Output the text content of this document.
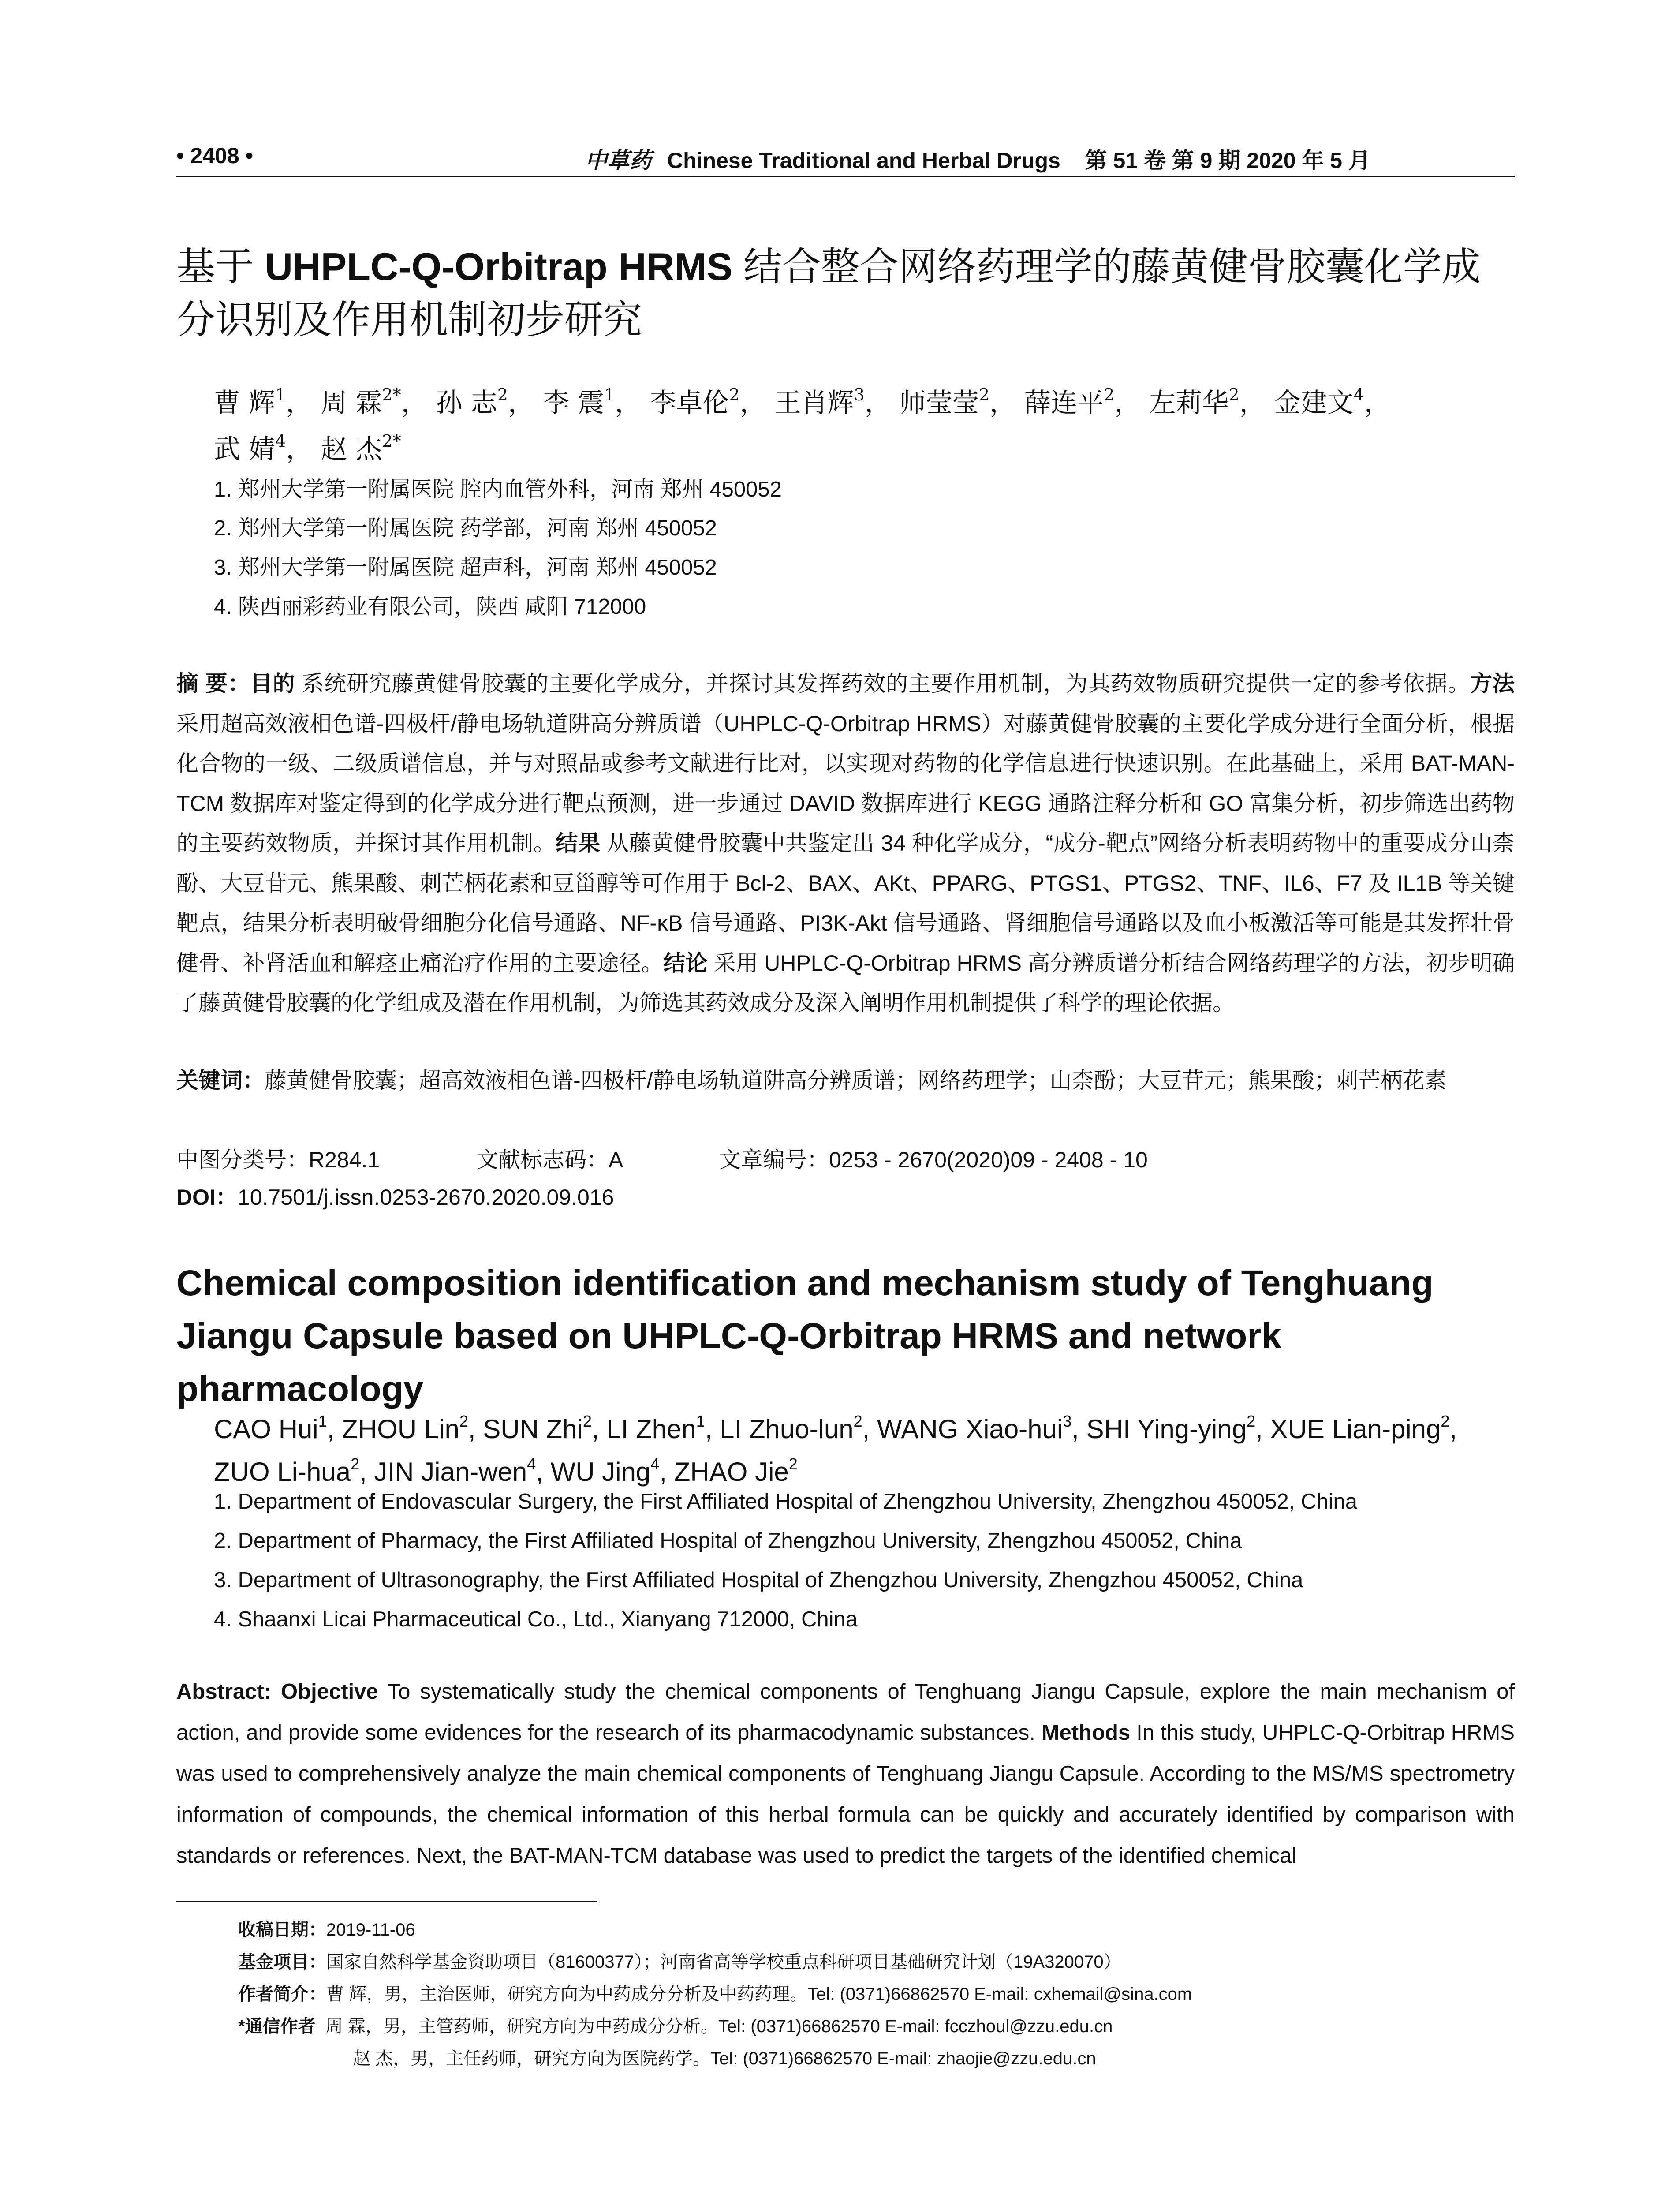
• 2408 •	中草药 Chinese Traditional and Herbal Drugs 第 51 卷 第 9 期 2020 年 5 月
基于 UHPLC-Q-Orbitrap HRMS 结合整合网络药理学的藤黄健骨胶囊化学成分识别及作用机制初步研究
曹 辉$^1$， 周 霖$^{2*}$， 孙 志$^2$， 李 震$^1$， 李卓伦$^2$， 王肖辉$^3$， 师莹莹$^2$， 薛连平$^2$， 左莉华$^2$， 金建文$^4$，
武 婧$^4$， 赵 杰$^{2*}$
1. 郑州大学第一附属医院 腔内血管外科，河南 郑州 450052
2. 郑州大学第一附属医院 药学部，河南 郑州 450052
3. 郑州大学第一附属医院 超声科，河南 郑州 450052
4. 陕西丽彩药业有限公司，陕西 咸阳 712000
摘 要：目的 系统研究藤黄健骨胶囊的主要化学成分，并探讨其发挥药效的主要作用机制，为其药效物质研究提供一定的参考依据。方法 采用超高效液相色谱-四极杆/静电场轨道阱高分辨质谱（UHPLC-Q-Orbitrap HRMS）对藤黄健骨胶囊的主要化学成分进行全面分析，根据化合物的一级、二级质谱信息，并与对照品或参考文献进行比对，以实现对药物的化学信息进行快速识别。在此基础上，采用 BAT-MAN-TCM 数据库对鉴定得到的化学成分进行靶点预测，进一步通过 DAVID 数据库进行 KEGG 通路注释分析和 GO 富集分析，初步筛选出药物的主要药效物质，并探讨其作用机制。结果 从藤黄健骨胶囊中共鉴定出 34 种化学成分，“成分-靶点”网络分析表明药物中的重要成分山柰酚、大豆苷元、熊果酸、刺芒柄花素和豆甾醇等可作用于 Bcl-2、BAX、AKt、PPARG、PTGS1、PTGS2、TNF、IL6、F7 及 IL1B 等关键靶点，结果分析表明破骨细胞分化信号通路、NF-κB 信号通路、PI3K-Akt 信号通路、肾细胞信号通路以及血小板激活等可能是其发挥壮骨健骨、补肾活血和解痉止痛治疗作用的主要途径。结论 采用 UHPLC-Q-Orbitrap HRMS 高分辨质谱分析结合网络药理学的方法，初步明确了藤黄健骨胶囊的化学组成及潜在作用机制，为筛选其药效成分及深入阐明作用机制提供了科学的理论依据。
关键词：藤黄健骨胶囊；超高效液相色谱-四极杆/静电场轨道阱高分辨质谱；网络药理学；山柰酚；大豆苷元；熊果酸；刺芒柄花素
中图分类号：R284.1	文献标志码：A	文章编号：0253 - 2670(2020)09 - 2408 - 10
DOI：10.7501/j.issn.0253-2670.2020.09.016
Chemical composition identification and mechanism study of Tenghuang Jiangu Capsule based on UHPLC-Q-Orbitrap HRMS and network pharmacology
CAO Hui$^1$, ZHOU Lin$^2$, SUN Zhi$^2$, LI Zhen$^1$, LI Zhuo-lun$^2$, WANG Xiao-hui$^3$, SHI Ying-ying$^2$, XUE Lian-ping$^2$,
ZUO Li-hua$^2$, JIN Jian-wen$^4$, WU Jing$^4$, ZHAO Jie$^2$
1. Department of Endovascular Surgery, the First Affiliated Hospital of Zhengzhou University, Zhengzhou 450052, China
2. Department of Pharmacy, the First Affiliated Hospital of Zhengzhou University, Zhengzhou 450052, China
3. Department of Ultrasonography, the First Affiliated Hospital of Zhengzhou University, Zhengzhou 450052, China
4. Shaanxi Licai Pharmaceutical Co., Ltd., Xianyang 712000, China
Abstract: Objective To systematically study the chemical components of Tenghuang Jiangu Capsule, explore the main mechanism of action, and provide some evidences for the research of its pharmacodynamic substances. Methods In this study, UHPLC-Q-Orbitrap HRMS was used to comprehensively analyze the main chemical components of Tenghuang Jiangu Capsule. According to the MS/MS spectrometry information of compounds, the chemical information of this herbal formula can be quickly and accurately identified by comparison with standards or references. Next, the BAT-MAN-TCM database was used to predict the targets of the identified chemical
收稿日期：2019-11-06
基金项目：国家自然科学基金资助项目（81600377）；河南省高等学校重点科研项目基础研究计划（19A320070）
作者简介：曹 辉，男，主治医师，研究方向为中药成分分析及中药药理。Tel: (0371)66862570 E-mail: cxhemail@sina.com
*通信作者 周 霖，男，主管药师，研究方向为中药成分分析。Tel: (0371)66862570 E-mail: fcczhoul@zzu.edu.cn
赵 杰，男，主任药师，研究方向为医院药学。Tel: (0371)66862570 E-mail: zhaojie@zzu.edu.cn
